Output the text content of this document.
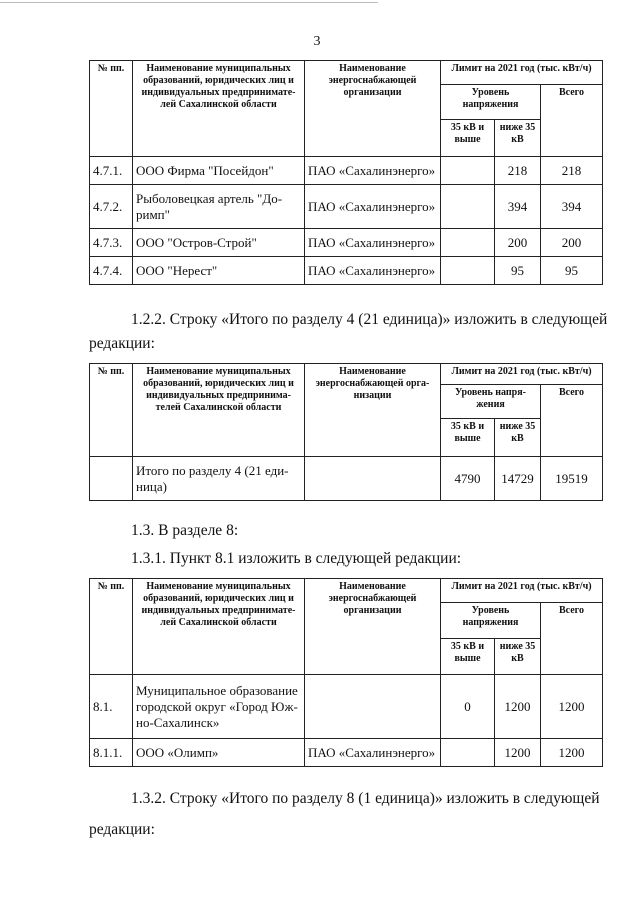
3
№ пп.	Наименование муниципальных образований, юридических лиц и индивидуальных предпринимате-лей Сахалинской области	Наименование энергоснабжающей организации	Лимит на 2021 год (тыс. кВт/ч)		
			Уровень напряжения		Всего
			35 кВ и выше	ниже 35 кВ	
4.7.1.	ООО Фирма "Посейдон"	ПАО «Сахалинэнерго»		218	218
4.7.2.	Рыболовецкая артель "До-римп"	ПАО «Сахалинэнерго»		394	394
4.7.3.	ООО "Остров-Строй"	ПАО «Сахалинэнерго»		200	200
4.7.4.	ООО "Нерест"	ПАО «Сахалинэнерго»		95	95
1.2.2. Строку «Итого по разделу 4 (21 единица)» изложить в следующей
редакции:
№ пп.	Наименование муниципальных образований, юридических лиц и индивидуальных предпринима-телей Сахалинской области	Наименование энергоснабжающей орга-низации	Лимит на 2021 год (тыс. кВт/ч)		
			Уровень напря-жения		Всего
			35 кВ и выше	ниже 35 кВ	
	Итого по разделу 4 (21 еди-ница)		4790	14729	19519
1.3. В разделе 8:
1.3.1. Пункт 8.1 изложить в следующей редакции:
№ пп.	Наименование муниципальных образований, юридических лиц и индивидуальных предпринимате-лей Сахалинской области	Наименование энергоснабжающей организации	Лимит на 2021 год (тыс. кВт/ч)		
			Уровень напряжения		Всего
			35 кВ и выше	ниже 35 кВ	
8.1.	Муниципальное образование городской округ «Город Юж-но-Сахалинск»		0	1200	1200
8.1.1.	ООО «Олимп»	ПАО «Сахалинэнерго»		1200	1200
1.3.2. Строку «Итого по разделу 8 (1 единица)» изложить в следующей
редакции:
